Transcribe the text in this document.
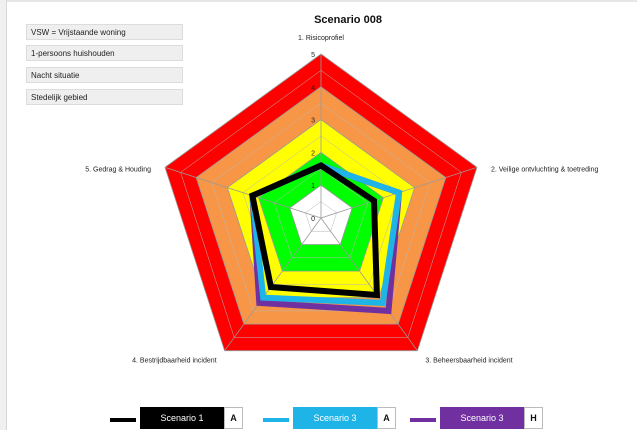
VSW = Vrijstaande woning
1-persoons huishouden
Nacht situatie
Stedelijk gebied
Scenario 008
0
1
2
3
4
5
1. Risicoprofiel
2. Veilige ontvluchting & toetreding
3. Beheersbaarheid incident
4. Bestrijdbaarheid incident
5. Gedrag & Houding
Scenario 1	A	Scenario 3	A	Scenario 3	H
